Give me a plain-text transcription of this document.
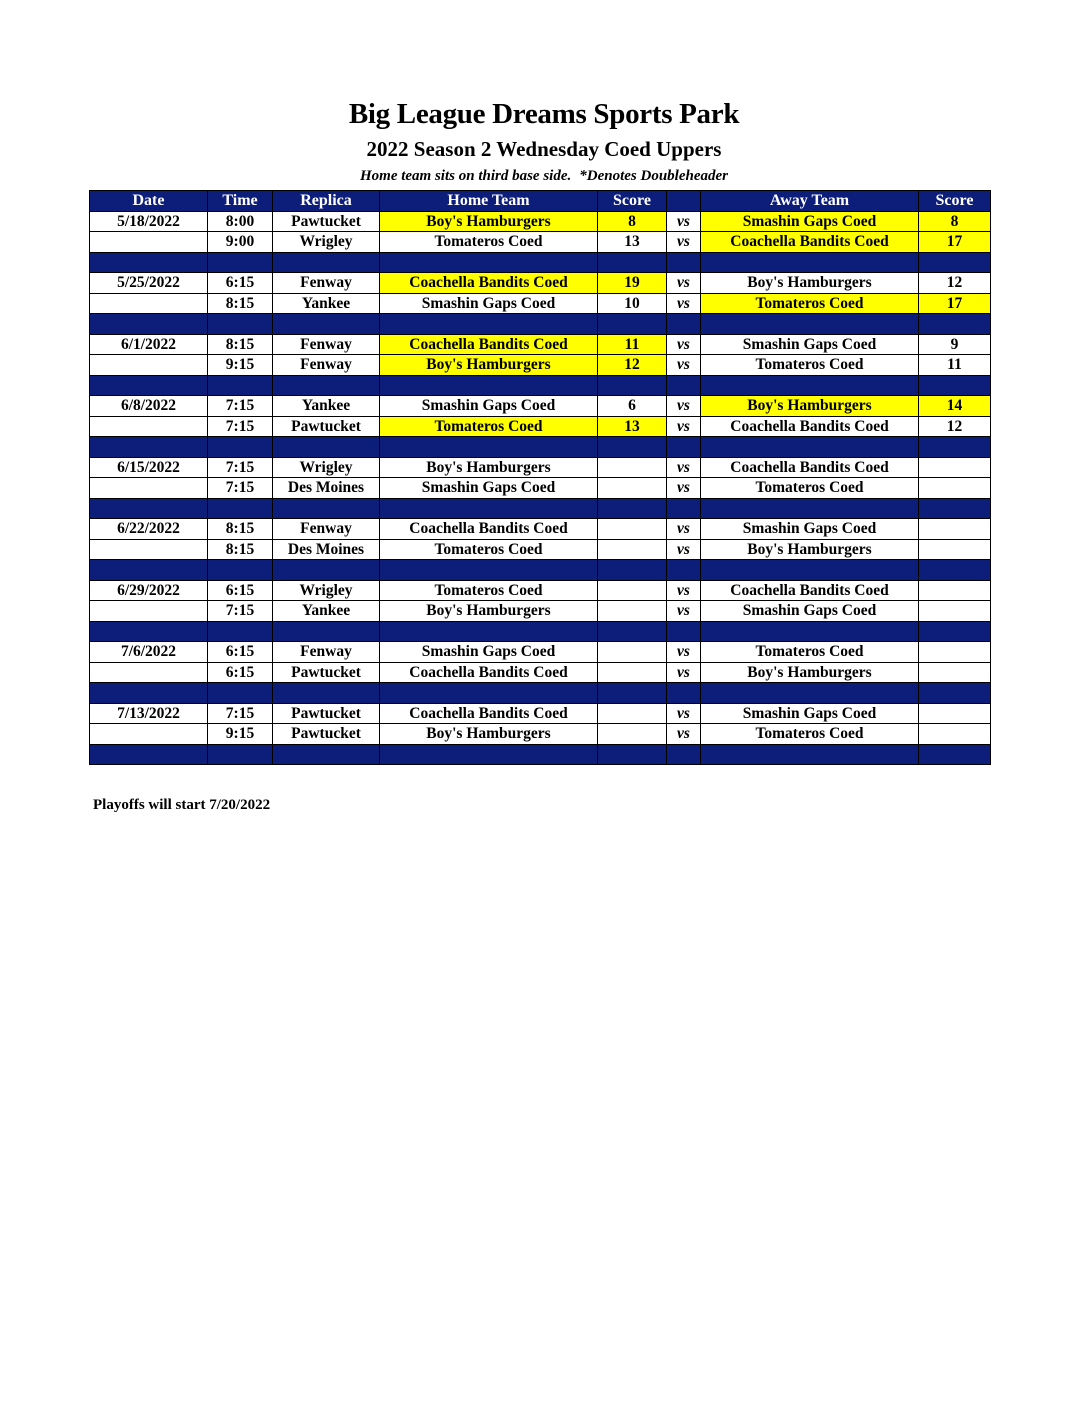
Big League Dreams Sports Park
2022 Season 2 Wednesday Coed Uppers
Home team sits on third base side. *Denotes Doubleheader
Date	Time	Replica	Home Team	Score		Away Team	Score
5/18/2022	8:00	Pawtucket	Boy's Hamburgers	8	vs	Smashin Gaps Coed	8
	9:00	Wrigley	Tomateros Coed	13	vs	Coachella Bandits Coed	17

5/25/2022	6:15	Fenway	Coachella Bandits Coed	19	vs	Boy's Hamburgers	12
	8:15	Yankee	Smashin Gaps Coed	10	vs	Tomateros Coed	17

6/1/2022	8:15	Fenway	Coachella Bandits Coed	11	vs	Smashin Gaps Coed	9
	9:15	Fenway	Boy's Hamburgers	12	vs	Tomateros Coed	11

6/8/2022	7:15	Yankee	Smashin Gaps Coed	6	vs	Boy's Hamburgers	14
	7:15	Pawtucket	Tomateros Coed	13	vs	Coachella Bandits Coed	12

6/15/2022	7:15	Wrigley	Boy's Hamburgers		vs	Coachella Bandits Coed	
	7:15	Des Moines	Smashin Gaps Coed		vs	Tomateros Coed	

6/22/2022	8:15	Fenway	Coachella Bandits Coed		vs	Smashin Gaps Coed	
	8:15	Des Moines	Tomateros Coed		vs	Boy's Hamburgers	

6/29/2022	6:15	Wrigley	Tomateros Coed		vs	Coachella Bandits Coed	
	7:15	Yankee	Boy's Hamburgers		vs	Smashin Gaps Coed	

7/6/2022	6:15	Fenway	Smashin Gaps Coed		vs	Tomateros Coed	
	6:15	Pawtucket	Coachella Bandits Coed		vs	Boy's Hamburgers	

7/13/2022	7:15	Pawtucket	Coachella Bandits Coed		vs	Smashin Gaps Coed	
	9:15	Pawtucket	Boy's Hamburgers		vs	Tomateros Coed	

Playoffs will start 7/20/2022
